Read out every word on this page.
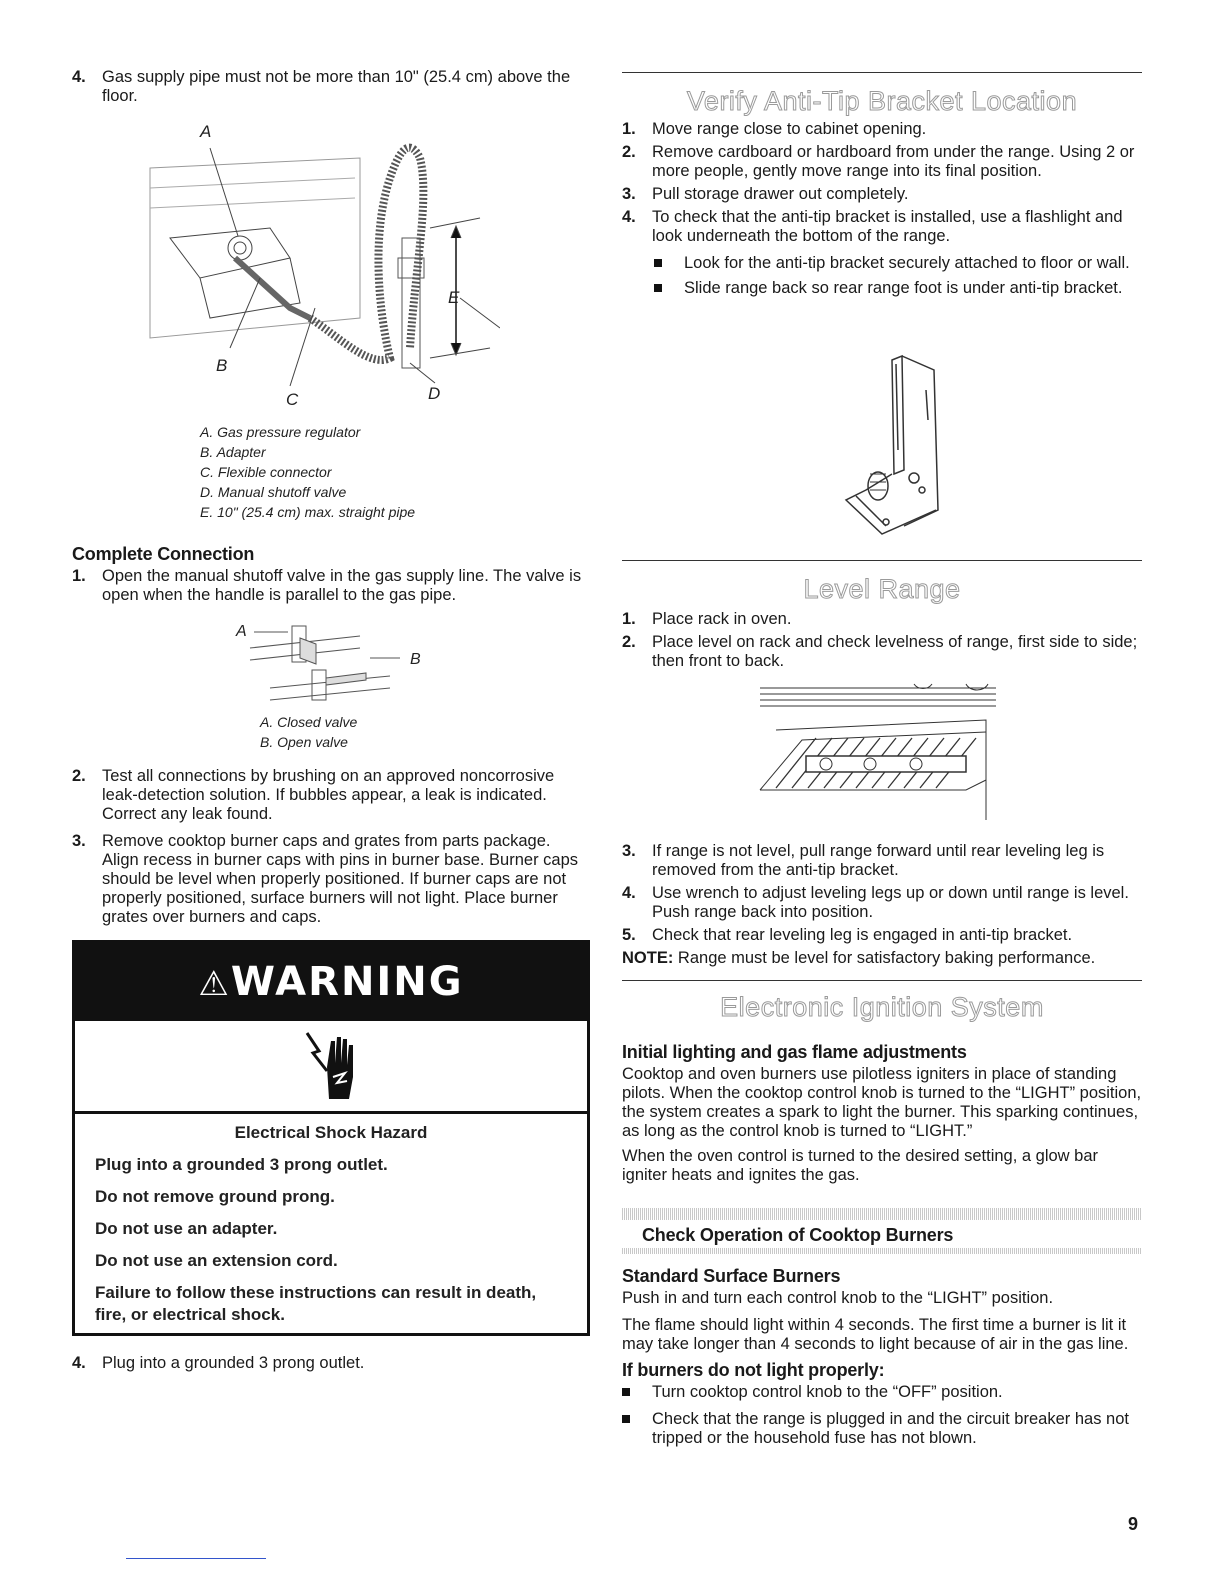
4. Gas supply pipe must not be more than 10" (25.4 cm) above the floor.
A
B
C	D
E
A. Gas pressure regulator
B. Adapter
C. Flexible connector
D. Manual shutoff valve
E. 10" (25.4 cm) max. straight pipe
Complete Connection
1. Open the manual shutoff valve in the gas supply line. The valve is open when the handle is parallel to the gas pipe.
A
B
A. Closed valve
B. Open valve
2. Test all connections by brushing on an approved noncorrosive leak-detection solution. If bubbles appear, a leak is indicated. Correct any leak found.
3. Remove cooktop burner caps and grates from parts package. Align recess in burner caps with pins in burner base. Burner caps should be level when properly positioned. If burner caps are not properly positioned, surface burners will not light. Place burner grates over burners and caps.
⚠WARNING
Electrical Shock Hazard
Plug into a grounded 3 prong outlet.
Do not remove ground prong.
Do not use an adapter.
Do not use an extension cord.
Failure to follow these instructions can result in death, fire, or electrical shock.
4. Plug into a grounded 3 prong outlet.
Verify Anti-Tip Bracket Location
1. Move range close to cabinet opening.
2. Remove cardboard or hardboard from under the range. Using 2 or more people, gently move range into its final position.
3. Pull storage drawer out completely.
4. To check that the anti-tip bracket is installed, use a flashlight and look underneath the bottom of the range.
Look for the anti-tip bracket securely attached to floor or wall.
Slide range back so rear range foot is under anti-tip bracket.
Level Range
1. Place rack in oven.
2. Place level on rack and check levelness of range, first side to side; then front to back.
3. If range is not level, pull range forward until rear leveling leg is removed from the anti-tip bracket.
4. Use wrench to adjust leveling legs up or down until range is level. Push range back into position.
5. Check that rear leveling leg is engaged in anti-tip bracket.
NOTE: Range must be level for satisfactory baking performance.
Electronic Ignition System
Initial lighting and gas flame adjustments
Cooktop and oven burners use pilotless igniters in place of standing pilots. When the cooktop control knob is turned to the “LIGHT” position, the system creates a spark to light the burner. This sparking continues, as long as the control knob is turned to “LIGHT.”
When the oven control is turned to the desired setting, a glow bar igniter heats and ignites the gas.
Check Operation of Cooktop Burners
Standard Surface Burners
Push in and turn each control knob to the “LIGHT” position.
The flame should light within 4 seconds. The first time a burner is lit it may take longer than 4 seconds to light because of air in the gas line.
If burners do not light properly:
Turn cooktop control knob to the “OFF” position.
Check that the range is plugged in and the circuit breaker has not tripped or the household fuse has not blown.
9
